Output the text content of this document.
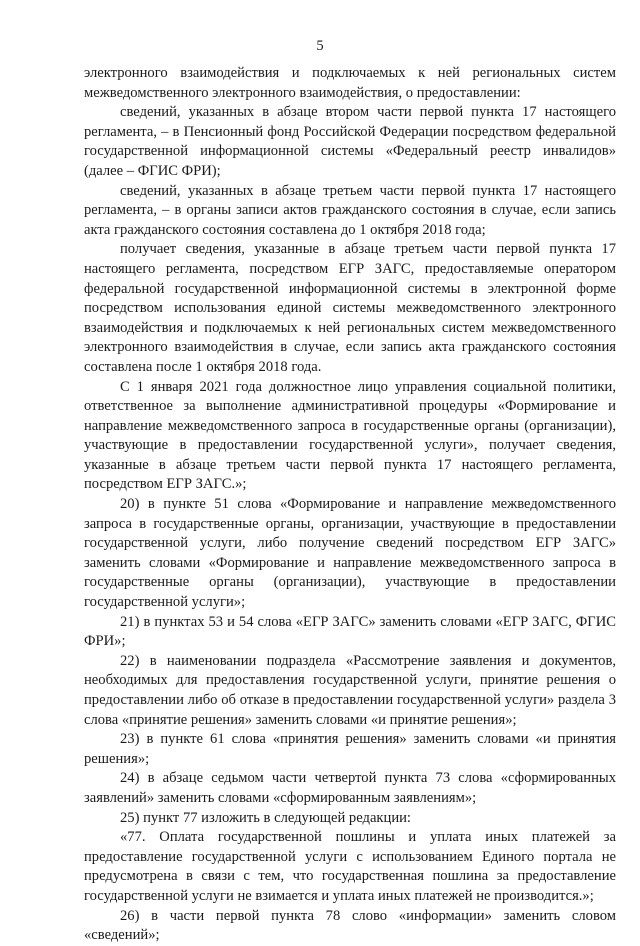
5

электронного взаимодействия и подключаемых к ней региональных систем межведомственного электронного взаимодействия, о предоставлении:

сведений, указанных в абзаце втором части первой пункта 17 настоящего регламента, – в Пенсионный фонд Российской Федерации посредством федеральной государственной информационной системы «Федеральный реестр инвалидов» (далее – ФГИС ФРИ);

сведений, указанных в абзаце третьем части первой пункта 17 настоящего регламента, – в органы записи актов гражданского состояния в случае, если запись акта гражданского состояния составлена до 1 октября 2018 года;

получает сведения, указанные в абзаце третьем части первой пункта 17 настоящего регламента, посредством ЕГР ЗАГС, предоставляемые оператором федеральной государственной информационной системы в электронной форме посредством использования единой системы межведомственного электронного взаимодействия и подключаемых к ней региональных систем межведомственного электронного взаимодействия в случае, если запись акта гражданского состояния составлена после 1 октября 2018 года.

С 1 января 2021 года должностное лицо управления социальной политики, ответственное за выполнение административной процедуры «Формирование и направление межведомственного запроса в государственные органы (организации), участвующие в предоставлении государственной услуги», получает сведения, указанные в абзаце третьем части первой пункта 17 настоящего регламента, посредством ЕГР ЗАГС.»;

20) в пункте 51 слова «Формирование и направление межведомственного запроса в государственные органы, организации, участвующие в предоставлении государственной услуги, либо получение сведений посредством ЕГР ЗАГС» заменить словами «Формирование и направление межведомственного запроса в государственные органы (организации), участвующие в предоставлении государственной услуги»;

21) в пунктах 53 и 54 слова «ЕГР ЗАГС» заменить словами «ЕГР ЗАГС, ФГИС ФРИ»;

22) в наименовании подраздела «Рассмотрение заявления и документов, необходимых для предоставления государственной услуги, принятие решения о предоставлении либо об отказе в предоставлении государственной услуги» раздела 3 слова «принятие решения» заменить словами «и принятие решения»;

23) в пункте 61 слова «принятия решения» заменить словами «и принятия решения»;

24) в абзаце седьмом части четвертой пункта 73 слова «сформированных заявлений» заменить словами «сформированным заявлениям»;

25) пункт 77 изложить в следующей редакции:

«77. Оплата государственной пошлины и уплата иных платежей за предоставление государственной услуги с использованием Единого портала не предусмотрена в связи с тем, что государственная пошлина за предоставление государственной услуги не взимается и уплата иных платежей не производится.»;

26) в части первой пункта 78 слово «информации» заменить словом «сведений»;
